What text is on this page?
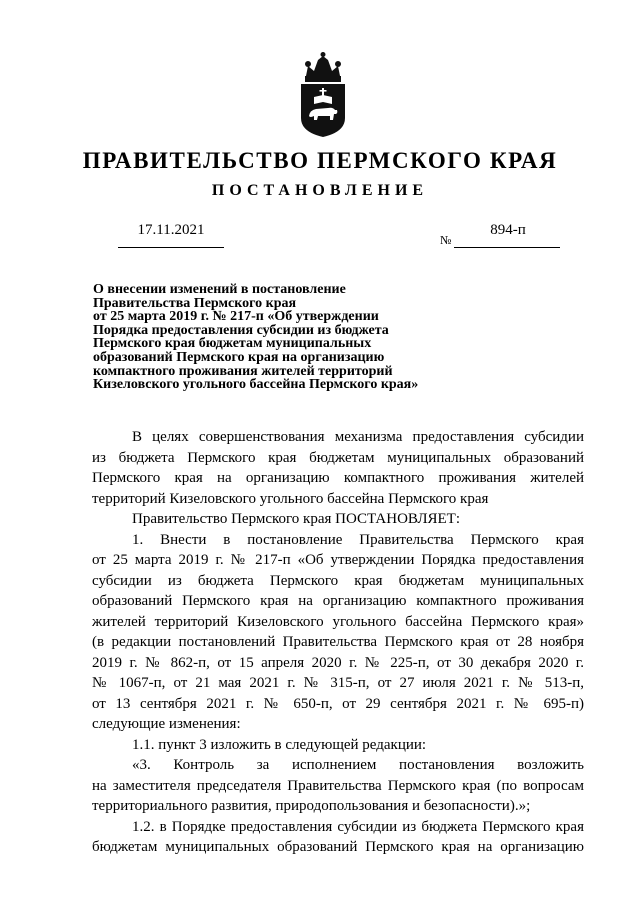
ПРАВИТЕЛЬСТВО ПЕРМСКОГО КРАЯ
ПОСТАНОВЛЕНИЕ
17.11.2021
№
894-п
О внесении изменений в постановление
Правительства Пермского края
от 25 марта 2019 г. № 217-п «Об утверждении
Порядка предоставления субсидии из бюджета
Пермского края бюджетам муниципальных
образований Пермского края на организацию
компактного проживания жителей территорий
Кизеловского угольного бассейна Пермского края»
В целях совершенствования механизма предоставления субсидии
из бюджета Пермского края бюджетам муниципальных образований
Пермского края на организацию компактного проживания жителей
территорий Кизеловского угольного бассейна Пермского края
Правительство Пермского края ПОСТАНОВЛЯЕТ:
1. Внести в постановление Правительства Пермского края
от 25 марта 2019 г. № 217-п «Об утверждении Порядка предоставления
субсидии из бюджета Пермского края бюджетам муниципальных
образований Пермского края на организацию компактного проживания
жителей территорий Кизеловского угольного бассейна Пермского края»
(в редакции постановлений Правительства Пермского края от 28 ноября
2019 г. № 862-п, от 15 апреля 2020 г. № 225-п, от 30 декабря 2020 г.
№ 1067-п, от 21 мая 2021 г. № 315-п, от 27 июля 2021 г. № 513-п,
от 13 сентября 2021 г. № 650-п, от 29 сентября 2021 г. № 695-п)
следующие изменения:
1.1. пункт 3 изложить в следующей редакции:
«3. Контроль за исполнением постановления возложить
на заместителя председателя Правительства Пермского края (по вопросам
территориального развития, природопользования и безопасности).»;
1.2. в Порядке предоставления субсидии из бюджета Пермского края
бюджетам муниципальных образований Пермского края на организацию
